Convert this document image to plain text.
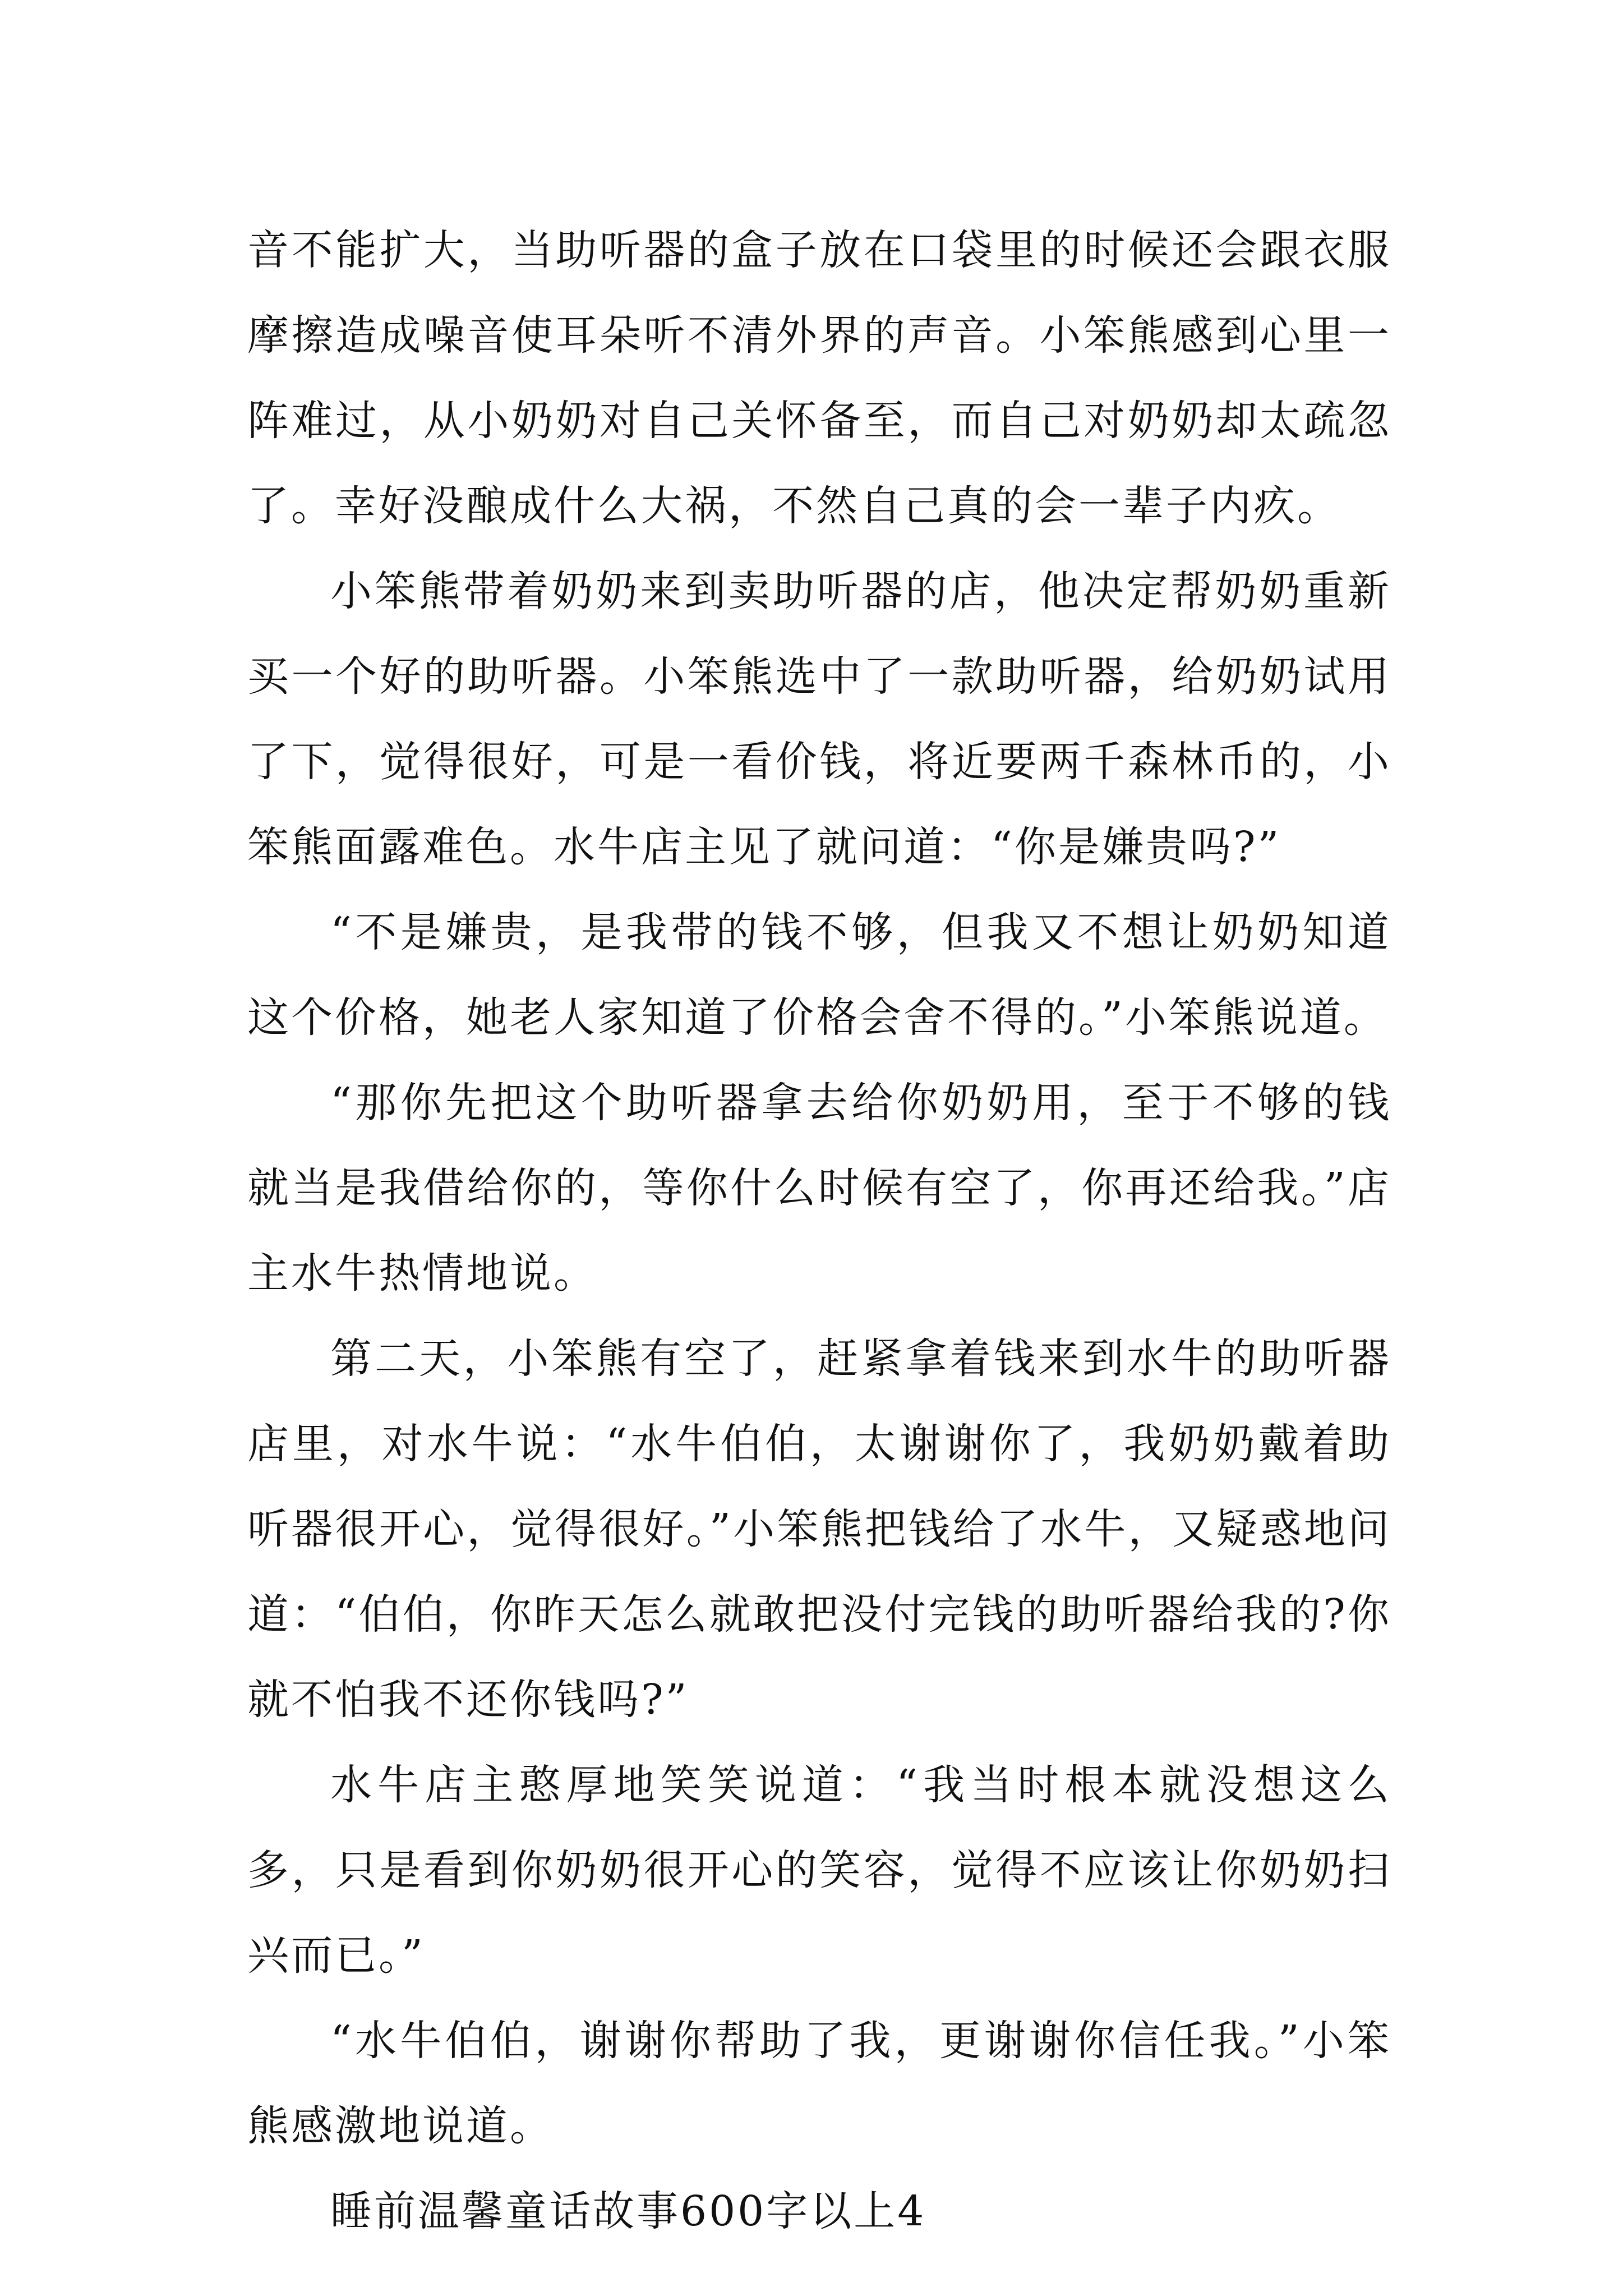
音不能扩大，当助听器的盒子放在口袋里的时候还会跟衣服摩擦造成噪音使耳朵听不清外界的声音。小笨熊感到心里一阵难过，从小奶奶对自己关怀备至，而自己对奶奶却太疏忽了。幸好没酿成什么大祸，不然自己真的会一辈子内疚。

小笨熊带着奶奶来到卖助听器的店，他决定帮奶奶重新买一个好的助听器。小笨熊选中了一款助听器，给奶奶试用了下，觉得很好，可是一看价钱，将近要两千森林币的，小笨熊面露难色。水牛店主见了就问道：“你是嫌贵吗?”

“不是嫌贵，是我带的钱不够，但我又不想让奶奶知道这个价格，她老人家知道了价格会舍不得的。”小笨熊说道。

“那你先把这个助听器拿去给你奶奶用，至于不够的钱就当是我借给你的，等你什么时候有空了，你再还给我。”店主水牛热情地说。

第二天，小笨熊有空了，赶紧拿着钱来到水牛的助听器店里，对水牛说：“水牛伯伯，太谢谢你了，我奶奶戴着助听器很开心，觉得很好。”小笨熊把钱给了水牛，又疑惑地问道：“伯伯，你昨天怎么就敢把没付完钱的助听器给我的?你就不怕我不还你钱吗?”

水牛店主憨厚地笑笑说道：“我当时根本就没想这么多，只是看到你奶奶很开心的笑容，觉得不应该让你奶奶扫兴而已。”

“水牛伯伯，谢谢你帮助了我，更谢谢你信任我。”小笨熊感激地说道。

睡前温馨童话故事600字以上4
